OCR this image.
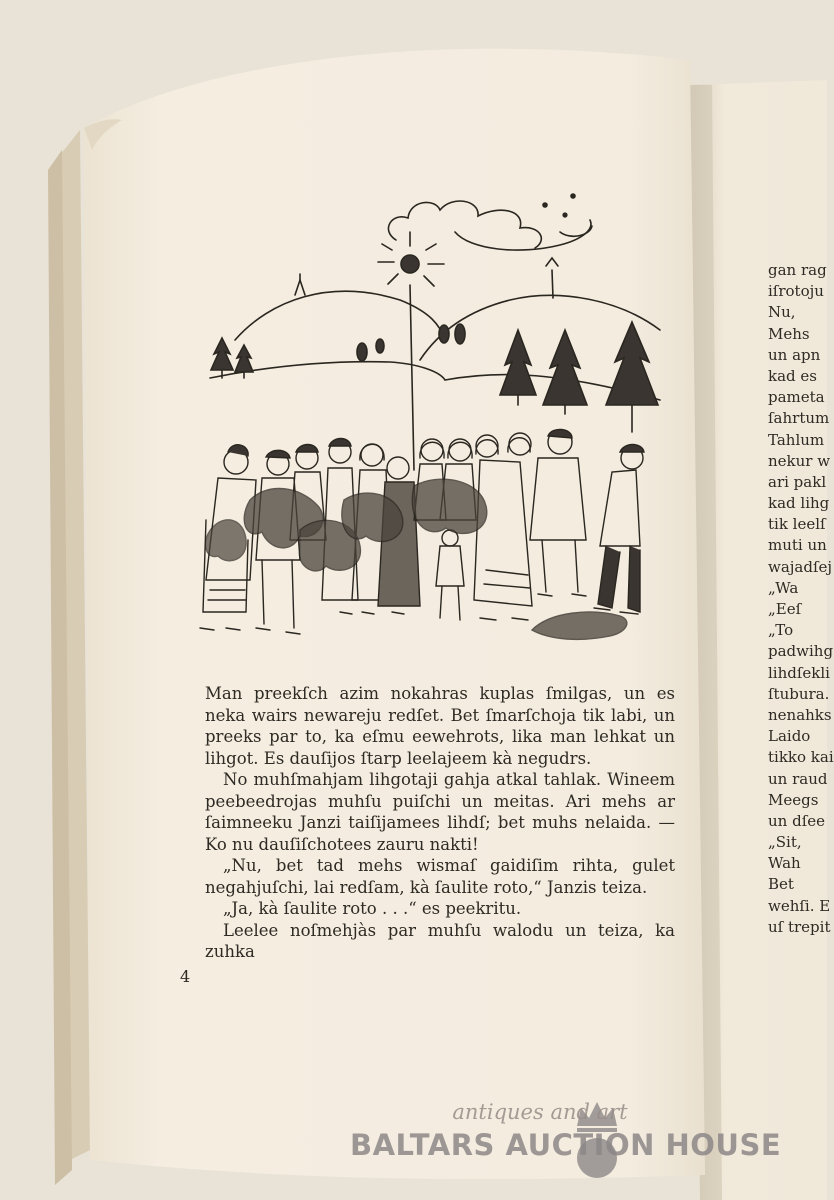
Man preekſch azim nokahras kuplas ſmilgas, un es neka wairs newareju redſet. Bet ſmarſchoja tik labi, un preeks par to, ka eſmu eewehrots, lika man lehkat un lihgot. Es dauſijos ſtarp leelajeem kà negudrs.

No muhſmahjam lihgotaji gahja atkal tahlak. Wineem peebeedrojas muhſu puiſchi un meitas. Ari mehs ar ſaimneeku Janzi taiſijamees lihdſ; bet muhs nelaida. — Ko nu dauſiſchotees zauru nakti!

„Nu, bet tad mehs wismaſ gaidiſim rihta, gulet negahjuſchi, lai redſam, kà ſaulite roto,“ Janzis teiza.

„Ja, kà ſaulite roto . . .“ es peekritu.

Leelee noſmehjàs par muhſu walodu un teiza, ka zuhka

4
gan rag
iſrotoju
Nu,
Mehs
un apn
kad es
pameta
ſahrtum
Tahlum
nekur w
ari pakl
kad lihg
tik leelſ
muti un
wajadſej
„Wa
„Eeſ
„To
padwihg
lihdſekli
ſtubura.
nenahks
Laido
tikko kai
un raud
Meegs
un dſee
„Sit,
Wah
Bet
wehſi. E
uſ trepit
antiques and art
BALTARS AUCTION HOUSE
